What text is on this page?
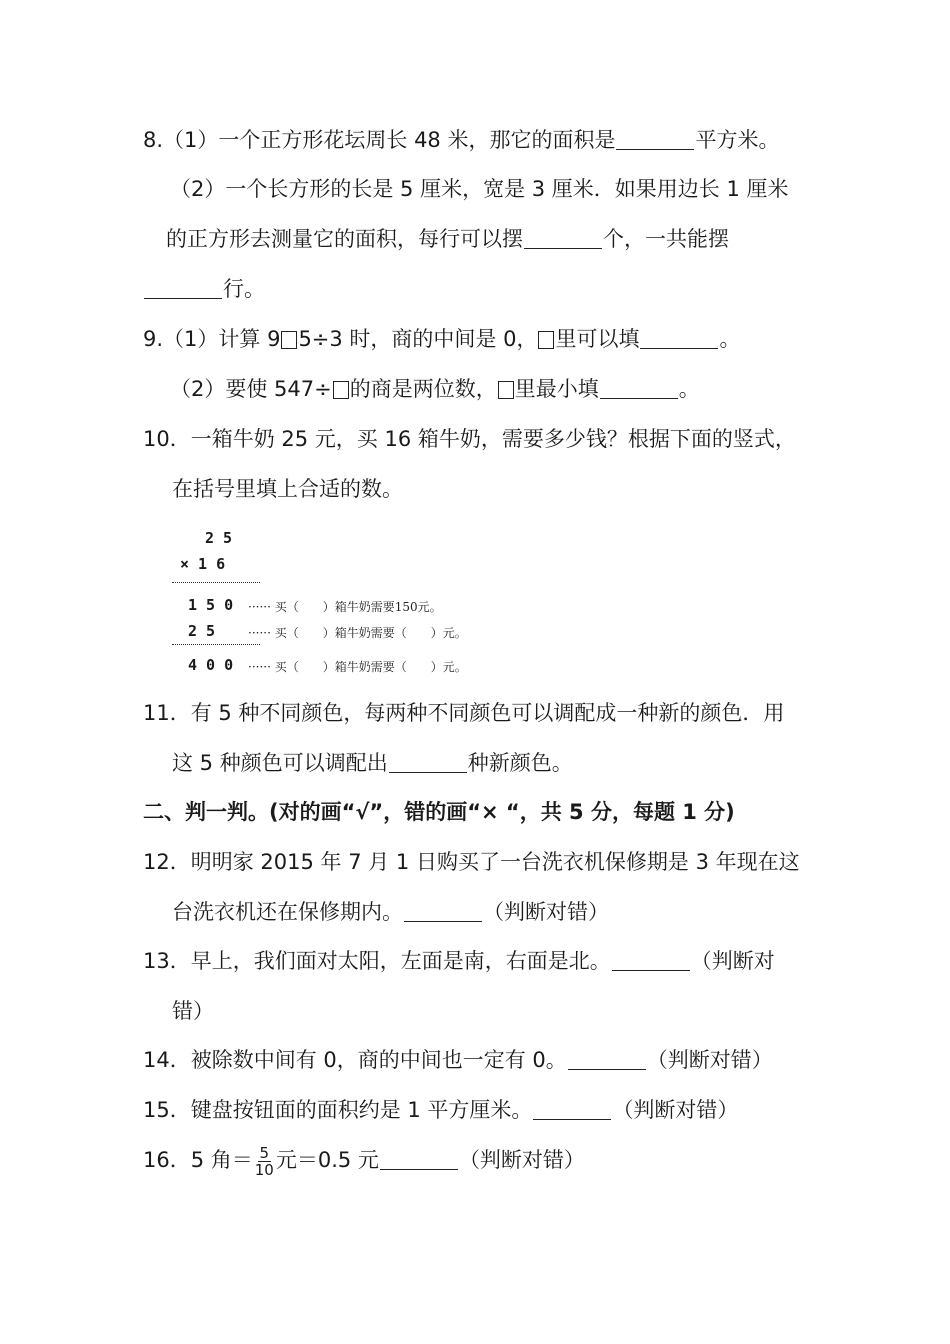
8.（1）一个正方形花坛周长 48 米，那它的面积是	平方米。
（2）一个长方形的长是 5 厘米，宽是 3 厘米．如果用边长 1 厘米
的正方形去测量它的面积，每行可以摆	个，一共能摆
行。
9.（1）计算 9 5÷3 时，商的中间是 0， 里可以填	。
（2）要使 547÷ 的商是两位数， 里最小填	。
10．一箱牛奶 25 元，买 16 箱牛奶，需要多少钱？根据下面的竖式，
在括号里填上合适的数。
2 5
× 1 6
1 5 0 ······ 买（　　）箱牛奶需要150元。
2 5	······ 买（　　）箱牛奶需要（　　）元。
4 0 0 ······ 买（　　）箱牛奶需要（　　）元。
11．有 5 种不同颜色，每两种不同颜色可以调配成一种新的颜色．用
这 5 种颜色可以调配出	种新颜色。
二、判一判。(对的画“√”，错的画“× “，共 5 分，每题 1 分)
12．明明家 2015 年 7 月 1 日购买了一台洗衣机保修期是 3 年现在这
台洗衣机还在保修期内。	（判断对错）
13．早上，我们面对太阳，左面是南，右面是北。	（判断对
错）
14．被除数中间有 0，商的中间也一定有 0。	（判断对错）
15．键盘按钮面的面积约是 1 平方厘米。	（判断对错）
16．5 角＝ $\frac{5}{10}$ 元＝0.5 元	（判断对错）
